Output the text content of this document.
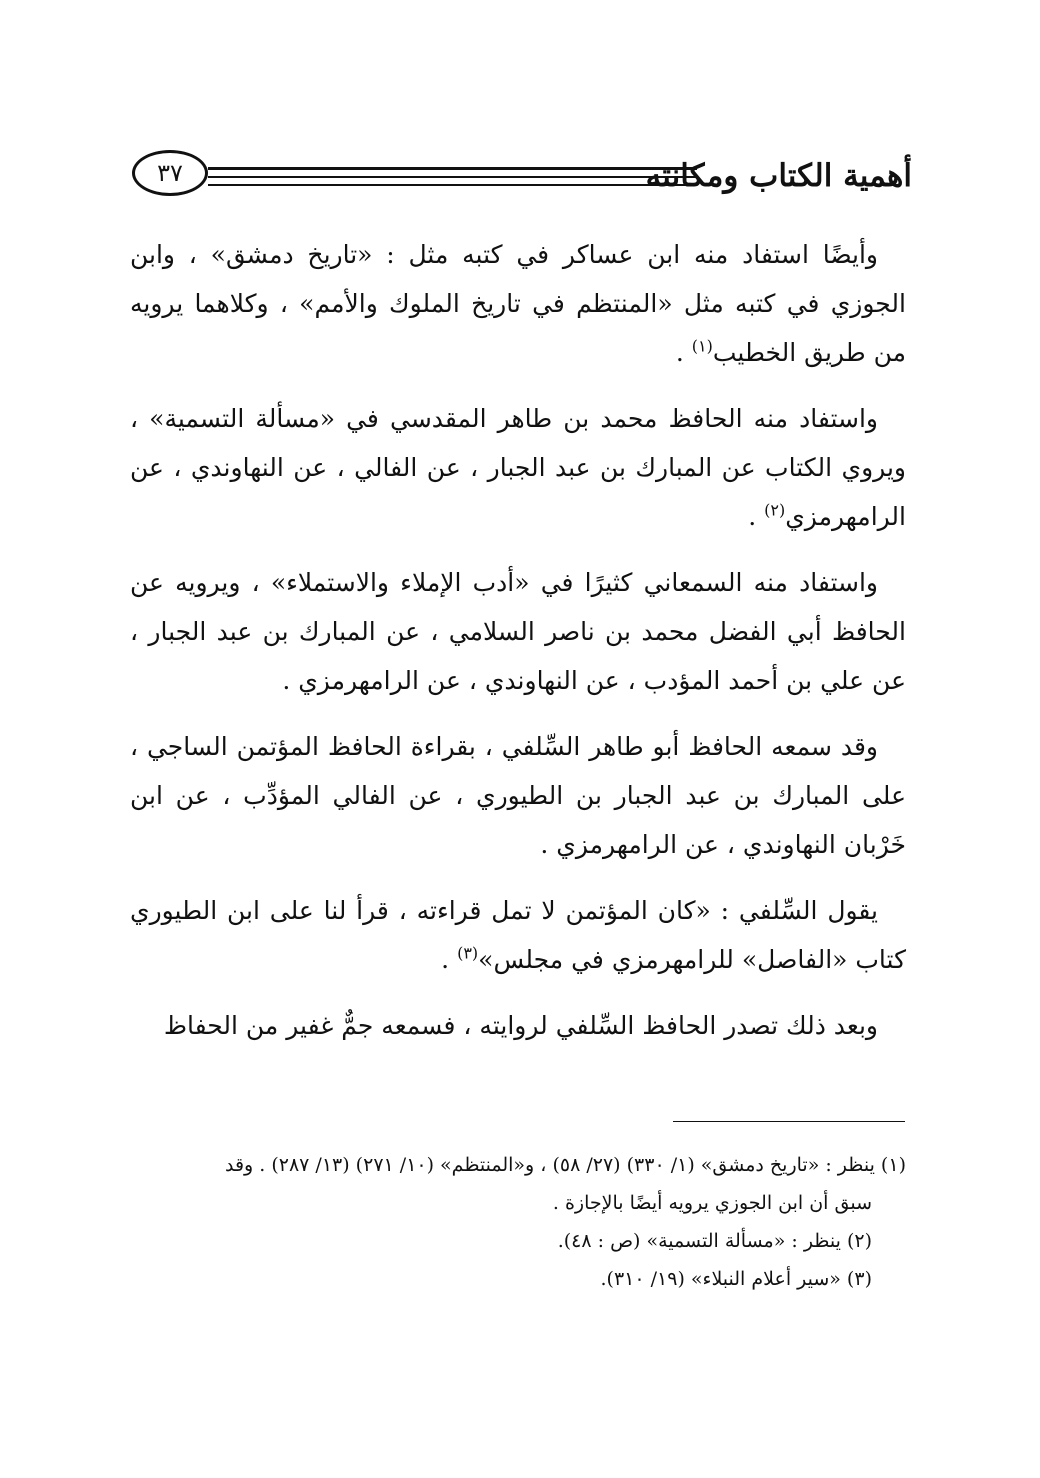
أهمية الكتاب ومكانته
٣٧

وأيضًا استفاد منه ابن عساكر في كتبه مثل : «تاريخ دمشق» ، وابن الجوزي في كتبه مثل «المنتظم في تاريخ الملوك والأمم» ، وكلاهما يرويه من طريق الخطيب$^{(١)}$ .

واستفاد منه الحافظ محمد بن طاهر المقدسي في «مسألة التسمية» ، ويروي الكتاب عن المبارك بن عبد الجبار ، عن الفالي ، عن النهاوندي ، عن الرامهرمزي$^{(٢)}$ .

واستفاد منه السمعاني كثيرًا في «أدب الإملاء والاستملاء» ، ويرويه عن الحافظ أبي الفضل محمد بن ناصر السلامي ، عن المبارك بن عبد الجبار ، عن علي بن أحمد المؤدب ، عن النهاوندي ، عن الرامهرمزي .

وقد سمعه الحافظ أبو طاهر السِّلفي ، بقراءة الحافظ المؤتمن الساجي ، على المبارك بن عبد الجبار بن الطيوري ، عن الفالي المؤدِّب ، عن ابن خَرْبان النهاوندي ، عن الرامهرمزي .

يقول السِّلفي : «كان المؤتمن لا تمل قراءته ، قرأ لنا على ابن الطيوري كتاب «الفاصل» للرامهرمزي في مجلس»$^{(٣)}$ .

وبعد ذلك تصدر الحافظ السِّلفي لروايته ، فسمعه جمٌّ غفير من الحفاظ

(١) ينظر : «تاريخ دمشق» (١/ ٣٣٠) (٢٧/ ٥٨) ، و«المنتظم» (١٠/ ٢٧١) (١٣/ ٢٨٧) . وقد

سبق أن ابن الجوزي يرويه أيضًا بالإجازة .

(٢) ينظر : «مسألة التسمية» (ص : ٤٨).

(٣) «سير أعلام النبلاء» (١٩/ ٣١٠).
